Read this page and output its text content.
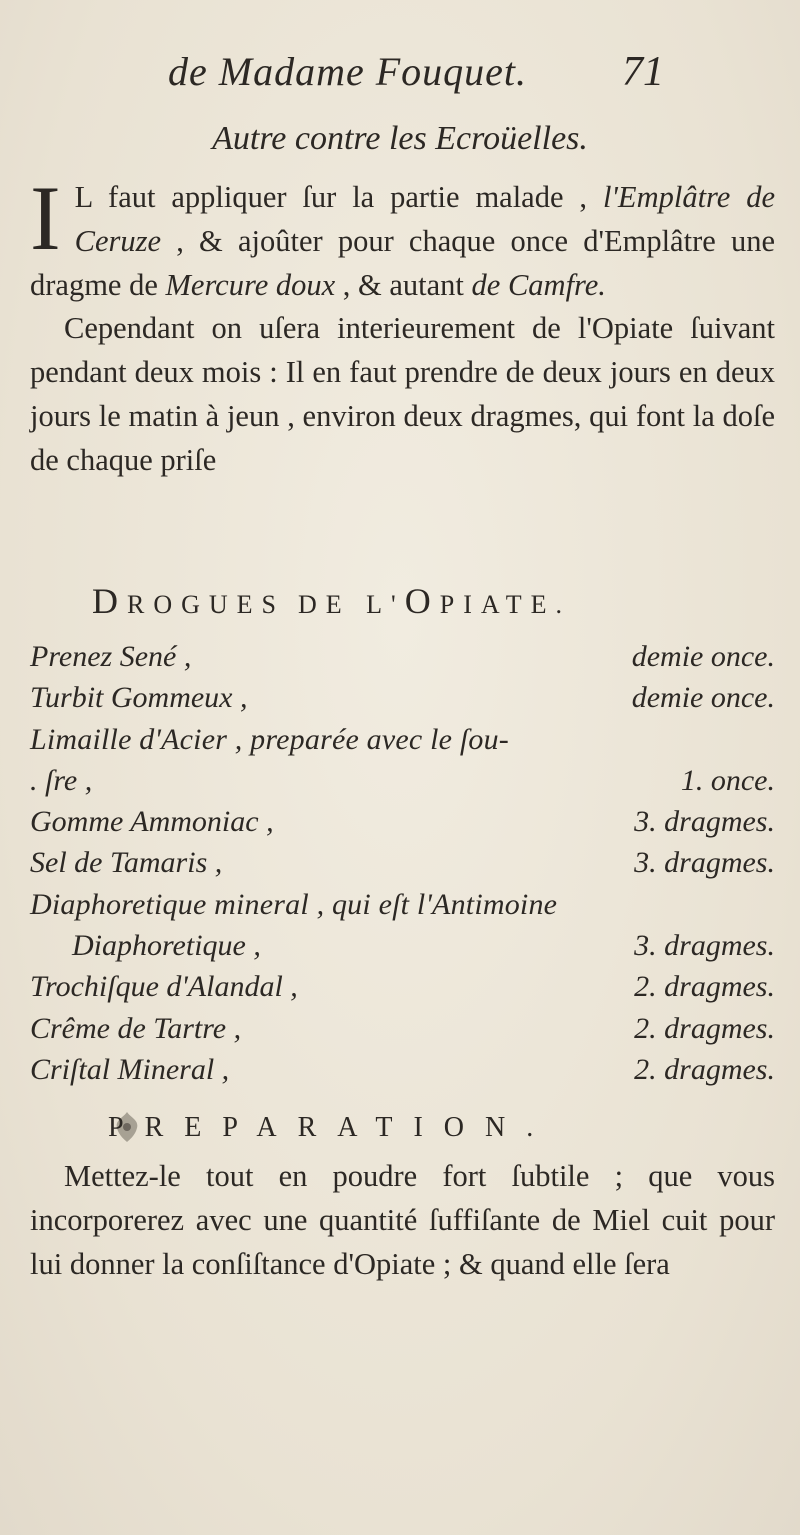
de Madame Fouquet. 71
Autre contre les Ecroüelles.

I L faut appliquer ſur la partie malade , l'Emplâtre de Ceruze , & ajoûter pour chaque once d'Emplâtre une dragme de Mercure doux , & autant de Camfre.

Cependant on uſera interieurement de l'Opiate ſuivant pendant deux mois : Il en faut prendre de deux jours en deux jours le matin à jeun , environ deux dragmes, qui font la doſe de chaque priſe

DROGUES DE L'OPIATE.
Prenez Sené ,	demie once.
Turbit Gommeux ,	demie once.
Limaille d'Acier , preparée avec le ſou-
. ſre ,	1. once.
Gomme Ammoniac ,	3. dragmes.
Sel de Tamaris ,	3. dragmes.
Diaphoretique mineral , qui eſt l'Antimoine
Diaphoretique ,	3. dragmes.
Trochiſque d'Alandal ,	2. dragmes.
Crême de Tartre ,	2. dragmes.
Criſtal Mineral ,	2. dragmes.
PREPARATION.

Mettez-le tout en poudre fort ſubtile ; que vous incorporerez avec une quantité ſuffiſante de Miel cuit pour lui donner la conſiſtance d'Opiate ; & quand elle ſera
